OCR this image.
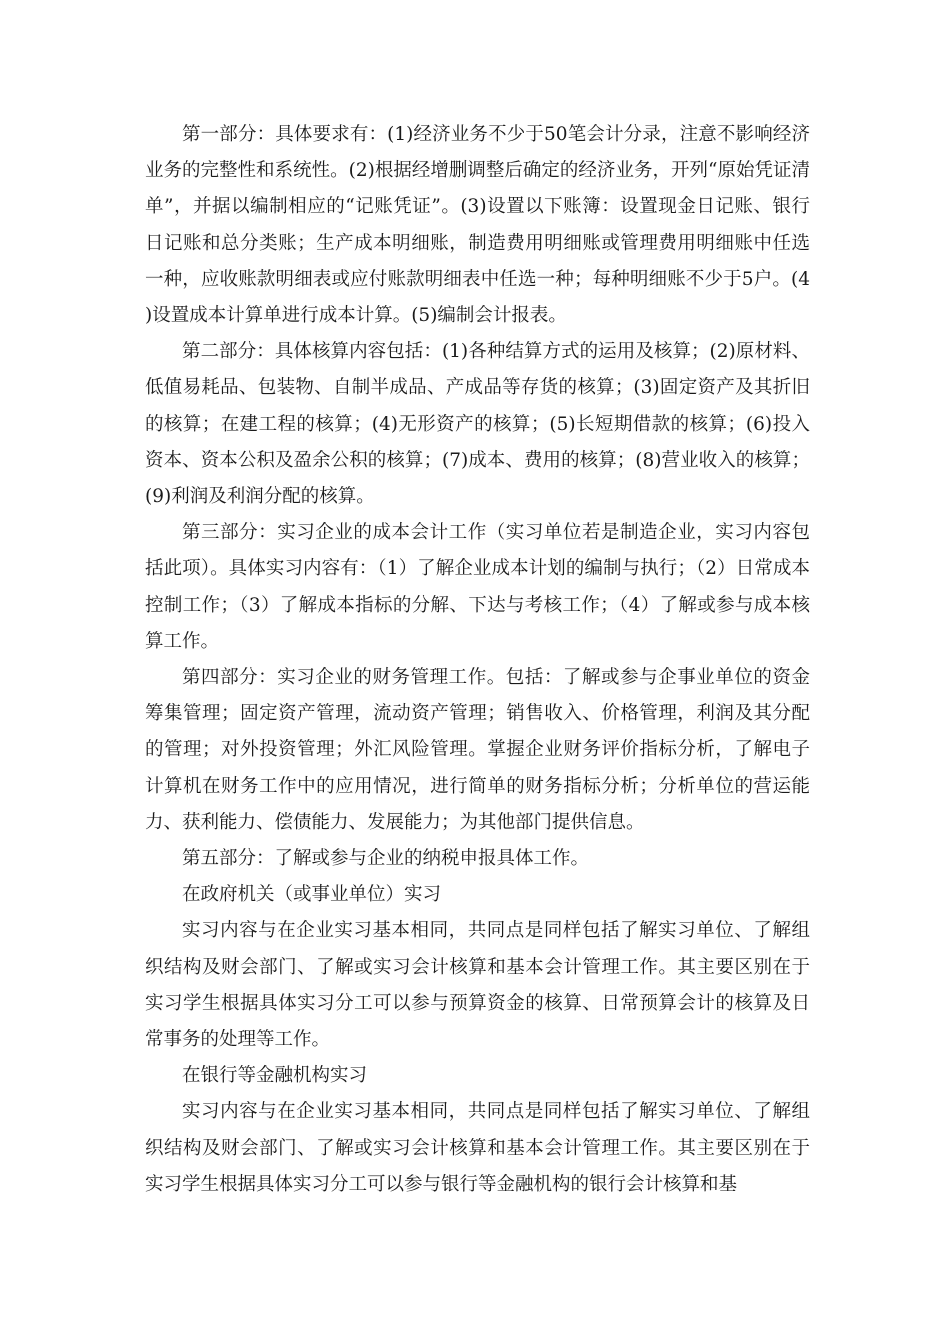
第一部分：具体要求有：(1)经济业务不少于50笔会计分录，注意不影响经济业务的完整性和系统性。(2)根据经增删调整后确定的经济业务，开列“原始凭证清单”，并据以编制相应的“记账凭证”。(3)设置以下账簿：设置现金日记账、银行日记账和总分类账；生产成本明细账，制造费用明细账或管理费用明细账中任选一种，应收账款明细表或应付账款明细表中任选一种；每种明细账不少于5户。(4)设置成本计算单进行成本计算。(5)编制会计报表。

第二部分：具体核算内容包括：(1)各种结算方式的运用及核算；(2)原材料、低值易耗品、包装物、自制半成品、产成品等存货的核算；(3)固定资产及其折旧的核算；在建工程的核算；(4)无形资产的核算；(5)长短期借款的核算；(6)投入资本、资本公积及盈余公积的核算；(7)成本、费用的核算；(8)营业收入的核算；(9)利润及利润分配的核算。

第三部分：实习企业的成本会计工作（实习单位若是制造企业，实习内容包括此项）。具体实习内容有：（1）了解企业成本计划的编制与执行；（2）日常成本控制工作；（3）了解成本指标的分解、下达与考核工作；（4）了解或参与成本核算工作。

第四部分：实习企业的财务管理工作。包括：了解或参与企事业单位的资金筹集管理；固定资产管理，流动资产管理；销售收入、价格管理，利润及其分配的管理；对外投资管理；外汇风险管理。掌握企业财务评价指标分析，了解电子计算机在财务工作中的应用情况，进行简单的财务指标分析；分析单位的营运能力、获利能力、偿债能力、发展能力；为其他部门提供信息。

第五部分：了解或参与企业的纳税申报具体工作。

在政府机关（或事业单位）实习

实习内容与在企业实习基本相同，共同点是同样包括了解实习单位、了解组织结构及财会部门、了解或实习会计核算和基本会计管理工作。其主要区别在于实习学生根据具体实习分工可以参与预算资金的核算、日常预算会计的核算及日常事务的处理等工作。

在银行等金融机构实习

实习内容与在企业实习基本相同，共同点是同样包括了解实习单位、了解组织结构及财会部门、了解或实习会计核算和基本会计管理工作。其主要区别在于实习学生根据具体实习分工可以参与银行等金融机构的银行会计核算和基
